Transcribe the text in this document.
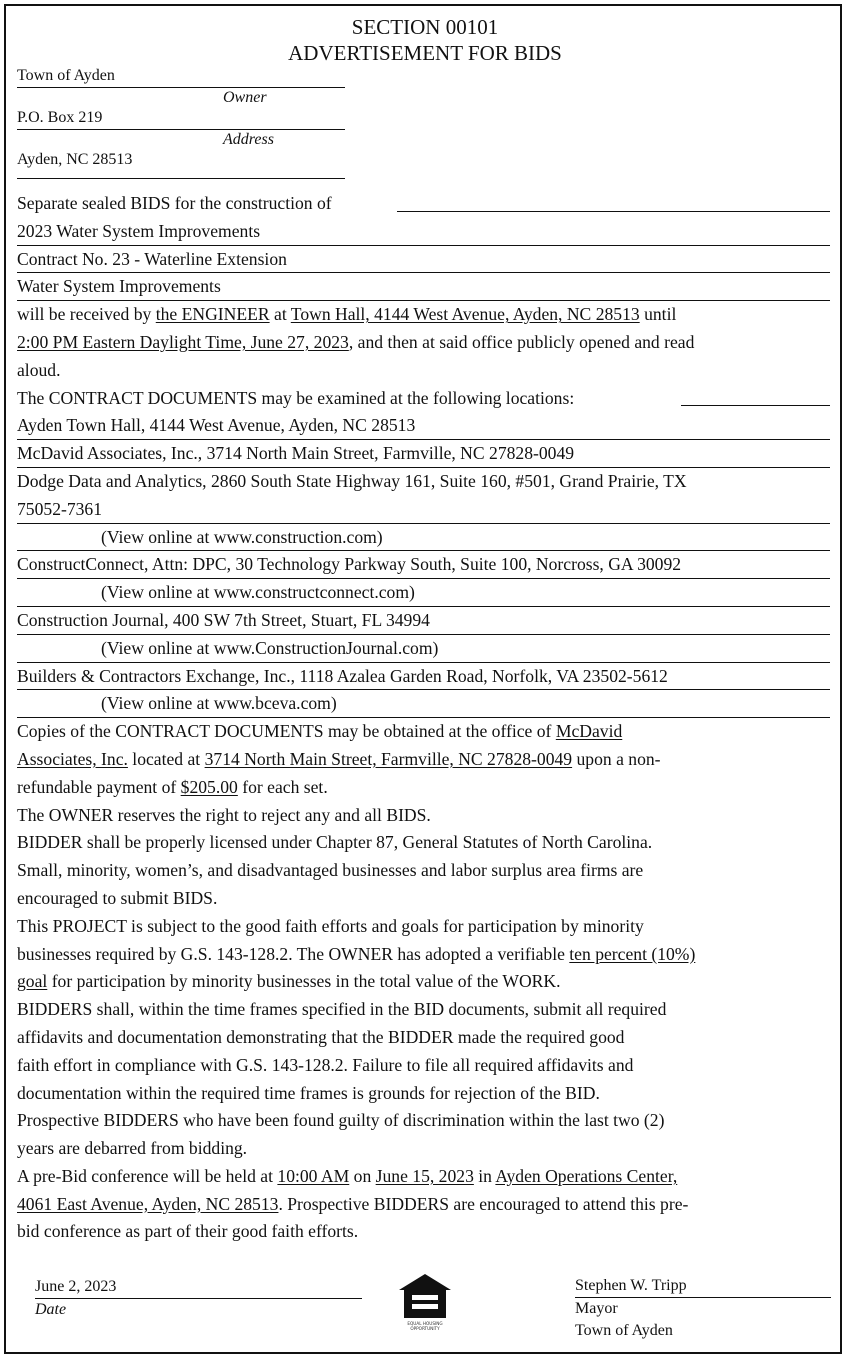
SECTION 00101
ADVERTISEMENT FOR BIDS
Town of Ayden
Owner
P.O. Box 219
Address
Ayden, NC 28513
Separate sealed BIDS for the construction of
2023 Water System Improvements
Contract No. 23 - Waterline Extension
Water System Improvements
will be received by the ENGINEER at Town Hall, 4144 West Avenue, Ayden, NC 28513 until
2:00 PM Eastern Daylight Time, June 27, 2023, and then at said office publicly opened and read
aloud.
The CONTRACT DOCUMENTS may be examined at the following locations:
Ayden Town Hall, 4144 West Avenue, Ayden, NC 28513
McDavid Associates, Inc., 3714 North Main Street, Farmville, NC 27828-0049
Dodge Data and Analytics, 2860 South State Highway 161, Suite 160, #501, Grand Prairie, TX
75052-7361
(View online at www.construction.com)
ConstructConnect, Attn: DPC, 30 Technology Parkway South, Suite 100, Norcross, GA 30092
(View online at www.constructconnect.com)
Construction Journal, 400 SW 7th Street, Stuart, FL 34994
(View online at www.ConstructionJournal.com)
Builders & Contractors Exchange, Inc., 1118 Azalea Garden Road, Norfolk, VA 23502-5612
(View online at www.bceva.com)
Copies of the CONTRACT DOCUMENTS may be obtained at the office of McDavid
Associates, Inc. located at 3714 North Main Street, Farmville, NC 27828-0049 upon a non-
refundable payment of $205.00 for each set.
The OWNER reserves the right to reject any and all BIDS.
BIDDER shall be properly licensed under Chapter 87, General Statutes of North Carolina.
Small, minority, women’s, and disadvantaged businesses and labor surplus area firms are
encouraged to submit BIDS.
This PROJECT is subject to the good faith efforts and goals for participation by minority
businesses required by G.S. 143-128.2. The OWNER has adopted a verifiable ten percent (10%)
goal for participation by minority businesses in the total value of the WORK.
BIDDERS shall, within the time frames specified in the BID documents, submit all required
affidavits and documentation demonstrating that the BIDDER made the required good
faith effort in compliance with G.S. 143-128.2. Failure to file all required affidavits and
documentation within the required time frames is grounds for rejection of the BID.
Prospective BIDDERS who have been found guilty of discrimination within the last two (2)
years are debarred from bidding.
A pre-Bid conference will be held at 10:00 AM on June 15, 2023 in Ayden Operations Center,
4061 East Avenue, Ayden, NC 28513. Prospective BIDDERS are encouraged to attend this pre-
bid conference as part of their good faith efforts.
June 2, 2023
Date
EQUAL HOUSING
OPPORTUNITY
Stephen W. Tripp
Mayor
Town of Ayden
